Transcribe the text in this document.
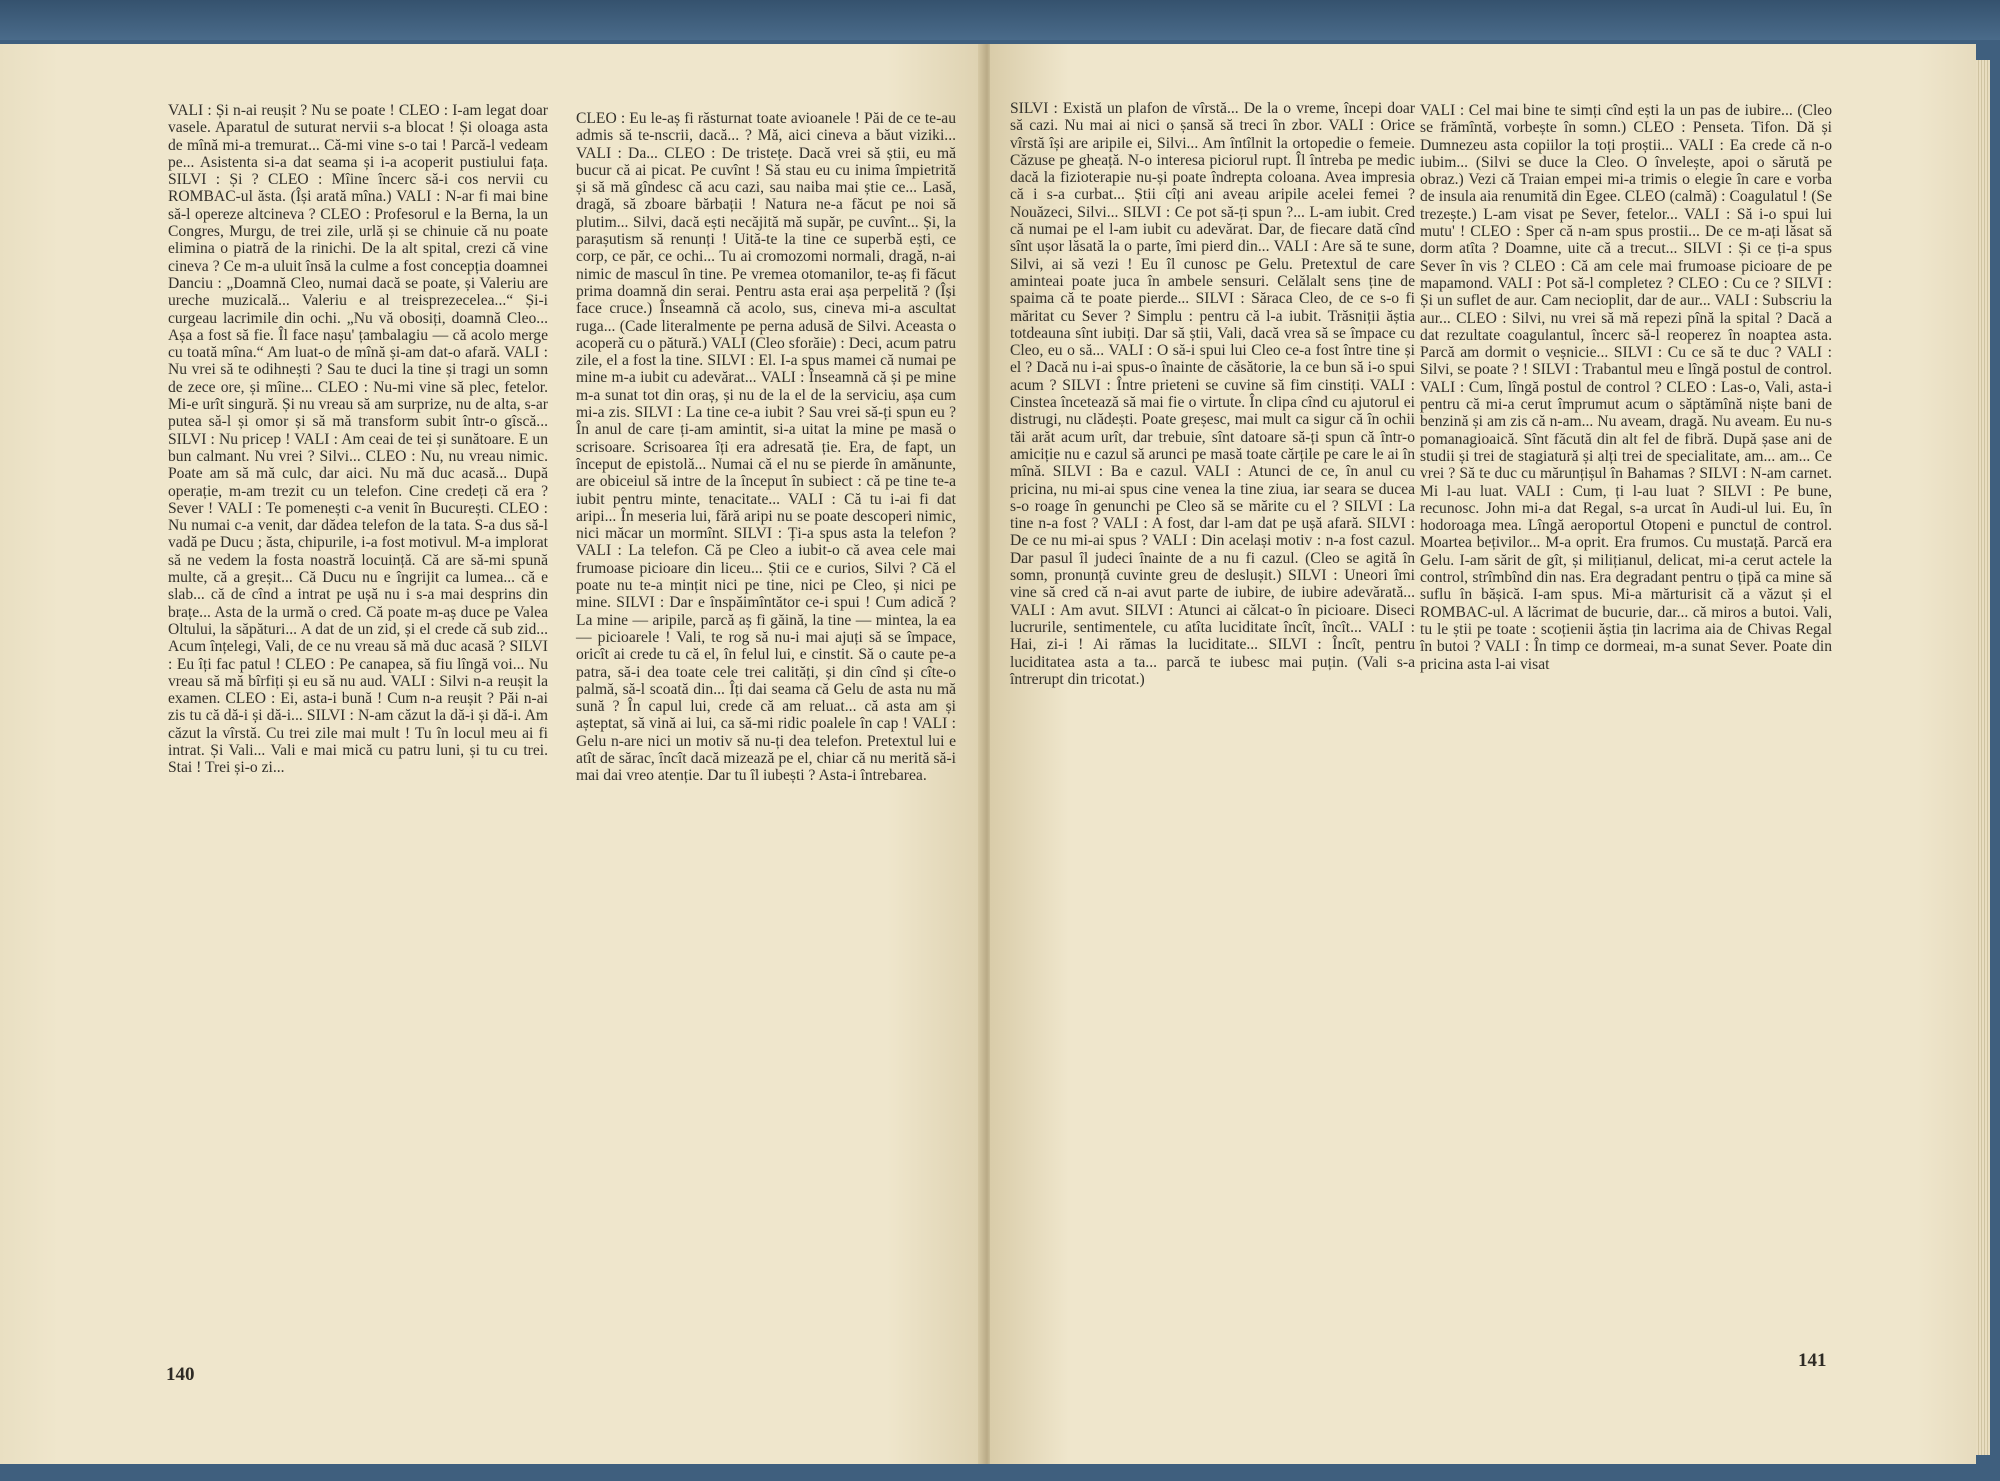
VALI : Și n-ai reușit ? Nu se poate ! CLEO : I-am legat doar vasele. Aparatul de suturat nervii s-a blocat ! Și oloaga asta de mînă mi-a tremurat... Că-mi vine s-o tai ! Parcă-l vedeam pe... Asistenta si-a dat seama și i-a acoperit pustiului fața. SILVI : Și ? CLEO : Mîine încerc să-i cos nervii cu ROMBAC-ul ăsta. (Își arată mîna.) VALI : N-ar fi mai bine să-l opereze altcineva ? CLEO : Profesorul e la Berna, la un Congres, Murgu, de trei zile, urlă și se chinuie că nu poate elimina o piatră de la rinichi. De la alt spital, crezi că vine cineva ? Ce m-a uluit însă la culme a fost concepția doamnei Danciu : „Doamnă Cleo, numai dacă se poate, și Valeriu are ureche muzicală... Valeriu e al treisprezecelea...“ Și-i curgeau lacrimile din ochi. „Nu vă obosiți, doamnă Cleo... Așa a fost să fie. Îl face nașu' țambalagiu — că acolo merge cu toată mîna.“ Am luat-o de mînă și-am dat-o afară. VALI : Nu vrei să te odihnești ? Sau te duci la tine și tragi un somn de zece ore, și mîine... CLEO : Nu-mi vine să plec, fetelor. Mi-e urît singură. Și nu vreau să am surprize, nu de alta, s-ar putea să-l și omor și să mă transform subit într-o gîscă... SILVI : Nu pricep ! VALI : Am ceai de tei și sunătoare. E un bun calmant. Nu vrei ? Silvi... CLEO : Nu, nu vreau nimic. Poate am să mă culc, dar aici. Nu mă duc acasă... După operație, m-am trezit cu un telefon. Cine credeți că era ? Sever ! VALI : Te pomenești c-a venit în București. CLEO : Nu numai c-a venit, dar dădea telefon de la tata. S-a dus să-l vadă pe Ducu ; ăsta, chipurile, i-a fost motivul. M-a implorat să ne vedem la fosta noastră locuință. Că are să-mi spună multe, că a greșit... Că Ducu nu e îngrijit ca lumea... că e slab... că de cînd a intrat pe ușă nu i s-a mai desprins din brațe... Asta de la urmă o cred. Că poate m-aș duce pe Valea Oltului, la săpături... A dat de un zid, și el crede că sub zid... Acum înțelegi, Vali, de ce nu vreau să mă duc acasă ? SILVI : Eu îți fac patul ! CLEO : Pe canapea, să fiu lîngă voi... Nu vreau să mă bîrfiți și eu să nu aud. VALI : Silvi n-a reușit la examen. CLEO : Ei, asta-i bună ! Cum n-a reușit ? Păi n-ai zis tu că dă-i și dă-i... SILVI : N-am căzut la dă-i și dă-i. Am căzut la vîrstă. Cu trei zile mai mult ! Tu în locul meu ai fi intrat. Și Vali... Vali e mai mică cu patru luni, și tu cu trei. Stai ! Trei și-o zi...

CLEO : Eu le-aș fi răsturnat toate avioanele ! Păi de ce te-au admis să te-nscrii, dacă... ? Mă, aici cineva a băut viziki... VALI : Da... CLEO : De tristețe. Dacă vrei să știi, eu mă bucur că ai picat. Pe cuvînt ! Să stau eu cu inima împietrită și să mă gîndesc că acu cazi, sau naiba mai știe ce... Lasă, dragă, să zboare bărbații ! Natura ne-a făcut pe noi să plutim... Silvi, dacă ești necăjită mă supăr, pe cuvînt... Și, la parașutism să renunți ! Uită-te la tine ce superbă ești, ce corp, ce păr, ce ochi... Tu ai cromozomi normali, dragă, n-ai nimic de mascul în tine. Pe vremea otomanilor, te-aș fi făcut prima doamnă din serai. Pentru asta erai așa perpelită ? (Își face cruce.) Înseamnă că acolo, sus, cineva mi-a ascultat ruga... (Cade literalmente pe perna adusă de Silvi. Aceasta o acoperă cu o pătură.) VALI (Cleo sforăie) : Deci, acum patru zile, el a fost la tine. SILVI : El. I-a spus mamei că numai pe mine m-a iubit cu adevărat... VALI : Înseamnă că și pe mine m-a sunat tot din oraș, și nu de la el de la serviciu, așa cum mi-a zis. SILVI : La tine ce-a iubit ? Sau vrei să-ți spun eu ? În anul de care ți-am amintit, si-a uitat la mine pe masă o scrisoare. Scrisoarea îți era adresată ție. Era, de fapt, un început de epistolă... Numai că el nu se pierde în amănunte, are obiceiul să intre de la început în subiect : că pe tine te-a iubit pentru minte, tenacitate... VALI : Că tu i-ai fi dat aripi... În meseria lui, fără aripi nu se poate descoperi nimic, nici măcar un mormînt. SILVI : Ți-a spus asta la telefon ? VALI : La telefon. Că pe Cleo a iubit-o că avea cele mai frumoase picioare din liceu... Știi ce e curios, Silvi ? Că el poate nu te-a mințit nici pe tine, nici pe Cleo, și nici pe mine. SILVI : Dar e înspăimîntător ce-i spui ! Cum adică ? La mine — aripile, parcă aș fi găină, la tine — mintea, la ea — picioarele ! Vali, te rog să nu-i mai ajuți să se împace, oricît ai crede tu că el, în felul lui, e cinstit. Să o caute pe-a patra, să-i dea toate cele trei calități, și din cînd și cîte-o palmă, să-l scoată din... Îți dai seama că Gelu de asta nu mă sună ? În capul lui, crede că am reluat... că asta am și așteptat, să vină ai lui, ca să-mi ridic poalele în cap ! VALI : Gelu n-are nici un motiv să nu-ți dea telefon. Pretextul lui e atît de sărac, încît dacă mizează pe el, chiar că nu merită să-i mai dai vreo atenție. Dar tu îl iubești ? Asta-i întrebarea.

140

SILVI : Există un plafon de vîrstă... De la o vreme, începi doar să cazi. Nu mai ai nici o șansă să treci în zbor. VALI : Orice vîrstă își are aripile ei, Silvi... Am întîlnit la ortopedie o femeie. Căzuse pe gheață. N-o interesa piciorul rupt. Îl întreba pe medic dacă la fizioterapie nu-și poate îndrepta coloana. Avea impresia că i s-a curbat... Știi cîți ani aveau aripile acelei femei ? Nouăzeci, Silvi... SILVI : Ce pot să-ți spun ?... L-am iubit. Cred că numai pe el l-am iubit cu adevărat. Dar, de fiecare dată cînd sînt ușor lăsată la o parte, îmi pierd din... VALI : Are să te sune, Silvi, ai să vezi ! Eu îl cunosc pe Gelu. Pretextul de care aminteai poate juca în ambele sensuri. Celălalt sens ține de spaima că te poate pierde... SILVI : Săraca Cleo, de ce s-o fi măritat cu Sever ? Simplu : pentru că l-a iubit. Trăsniții ăștia totdeauna sînt iubiți. Dar să știi, Vali, dacă vrea să se împace cu Cleo, eu o să... VALI : O să-i spui lui Cleo ce-a fost între tine și el ? Dacă nu i-ai spus-o înainte de căsătorie, la ce bun să i-o spui acum ? SILVI : Între prieteni se cuvine să fim cinstiți. VALI : Cinstea încetează să mai fie o virtute. În clipa cînd cu ajutorul ei distrugi, nu clădești. Poate greșesc, mai mult ca sigur că în ochii tăi arăt acum urît, dar trebuie, sînt datoare să-ți spun că într-o amiciție nu e cazul să arunci pe masă toate cărțile pe care le ai în mînă. SILVI : Ba e cazul. VALI : Atunci de ce, în anul cu pricina, nu mi-ai spus cine venea la tine ziua, iar seara se ducea s-o roage în genunchi pe Cleo să se mărite cu el ? SILVI : La tine n-a fost ? VALI : A fost, dar l-am dat pe ușă afară. SILVI : De ce nu mi-ai spus ? VALI : Din același motiv : n-a fost cazul. Dar pasul îl judeci înainte de a nu fi cazul. (Cleo se agită în somn, pronunță cuvinte greu de deslușit.) SILVI : Uneori îmi vine să cred că n-ai avut parte de iubire, de iubire adevărată... VALI : Am avut. SILVI : Atunci ai călcat-o în picioare. Diseci lucrurile, sentimentele, cu atîta luciditate încît, încît... VALI : Hai, zi-i ! Ai rămas la luciditate... SILVI : Încît, pentru luciditatea asta a ta... parcă te iubesc mai puțin. (Vali s-a întrerupt din tricotat.)

VALI : Cel mai bine te simți cînd ești la un pas de iubire... (Cleo se frămîntă, vorbește în somn.) CLEO : Penseta. Tifon. Dă și Dumnezeu asta copiilor la toți proștii... VALI : Ea crede că n-o iubim... (Silvi se duce la Cleo. O învelește, apoi o sărută pe obraz.) Vezi că Traian empei mi-a trimis o elegie în care e vorba de insula aia renumită din Egee. CLEO (calmă) : Coagulatul ! (Se trezește.) L-am visat pe Sever, fetelor... VALI : Să i-o spui lui mutu' ! CLEO : Sper că n-am spus prostii... De ce m-ați lăsat să dorm atîta ? Doamne, uite că a trecut... SILVI : Și ce ți-a spus Sever în vis ? CLEO : Că am cele mai frumoase picioare de pe mapamond. VALI : Pot să-l completez ? CLEO : Cu ce ? SILVI : Și un suflet de aur. Cam necioplit, dar de aur... VALI : Subscriu la aur... CLEO : Silvi, nu vrei să mă repezi pînă la spital ? Dacă a dat rezultate coagulantul, încerc să-l reoperez în noaptea asta. Parcă am dormit o veșnicie... SILVI : Cu ce să te duc ? VALI : Silvi, se poate ? ! SILVI : Trabantul meu e lîngă postul de control. VALI : Cum, lîngă postul de control ? CLEO : Las-o, Vali, asta-i pentru că mi-a cerut împrumut acum o săptămînă niște bani de benzină și am zis că n-am... Nu aveam, dragă. Nu aveam. Eu nu-s pomanagioaică. Sînt făcută din alt fel de fibră. După șase ani de studii și trei de stagiatură și alți trei de specialitate, am... am... Ce vrei ? Să te duc cu mărunțișul în Bahamas ? SILVI : N-am carnet. Mi l-au luat. VALI : Cum, ți l-au luat ? SILVI : Pe bune, recunosc. John mi-a dat Regal, s-a urcat în Audi-ul lui. Eu, în hodoroaga mea. Lîngă aeroportul Otopeni e punctul de control. Moartea bețivilor... M-a oprit. Era frumos. Cu mustață. Parcă era Gelu. I-am sărit de gît, și milițianul, delicat, mi-a cerut actele la control, strîmbînd din nas. Era degradant pentru o țipă ca mine să suflu în bășică. I-am spus. Mi-a mărturisit că a văzut și el ROMBAC-ul. A lăcrimat de bucurie, dar... că miros a butoi. Vali, tu le știi pe toate : scoțienii ăștia țin lacrima aia de Chivas Regal în butoi ? VALI : În timp ce dormeai, m-a sunat Sever. Poate din pricina asta l-ai visat

141
